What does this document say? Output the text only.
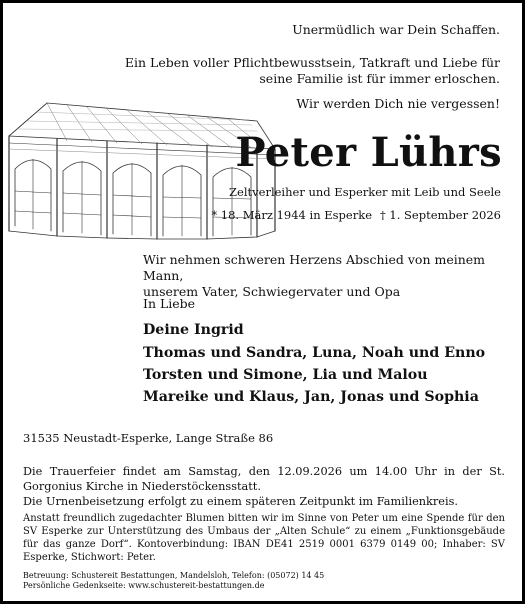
Unermüdlich war Dein Schaffen.
Ein Leben voller Pflichtbewusstsein, Tatkraft und Liebe für
seine Familie ist für immer erloschen.
Wir werden Dich nie vergessen!
Peter Lührs
Zeltverleiher und Esperker mit Leib und Seele
* 18. März 1944 in Esperke † 1. September 2026
Wir nehmen schweren Herzens Abschied von meinem Mann,
unserem Vater, Schwiegervater und Opa
In Liebe
Deine Ingrid
Thomas und Sandra, Luna, Noah und Enno
Torsten und Simone, Lia und Malou
Mareike und Klaus, Jan, Jonas und Sophia
31535 Neustadt-Esperke, Lange Straße 86
Die Trauerfeier findet am Samstag, den 12.09.2026 um 14.00 Uhr in der St. Gorgonius Kirche in Niederstöckensstatt.
Die Urnenbeisetzung erfolgt zu einem späteren Zeitpunkt im Familienkreis.
Anstatt freundlich zugedachter Blumen bitten wir im Sinne von Peter um eine Spende für den SV Esperke zur Unterstützung des Umbaus der „Alten Schule“ zu einem „Funktionsgebäude für das ganze Dorf“. Kontoverbindung: IBAN DE41 2519 0001 6379 0149 00; Inhaber: SV Esperke, Stichwort: Peter.
Betreuung: Schustereit Bestattungen, Mandelsloh, Telefon: (05072) 14 45
Persönliche Gedenkseite: www.schustereit-bestattungen.de
